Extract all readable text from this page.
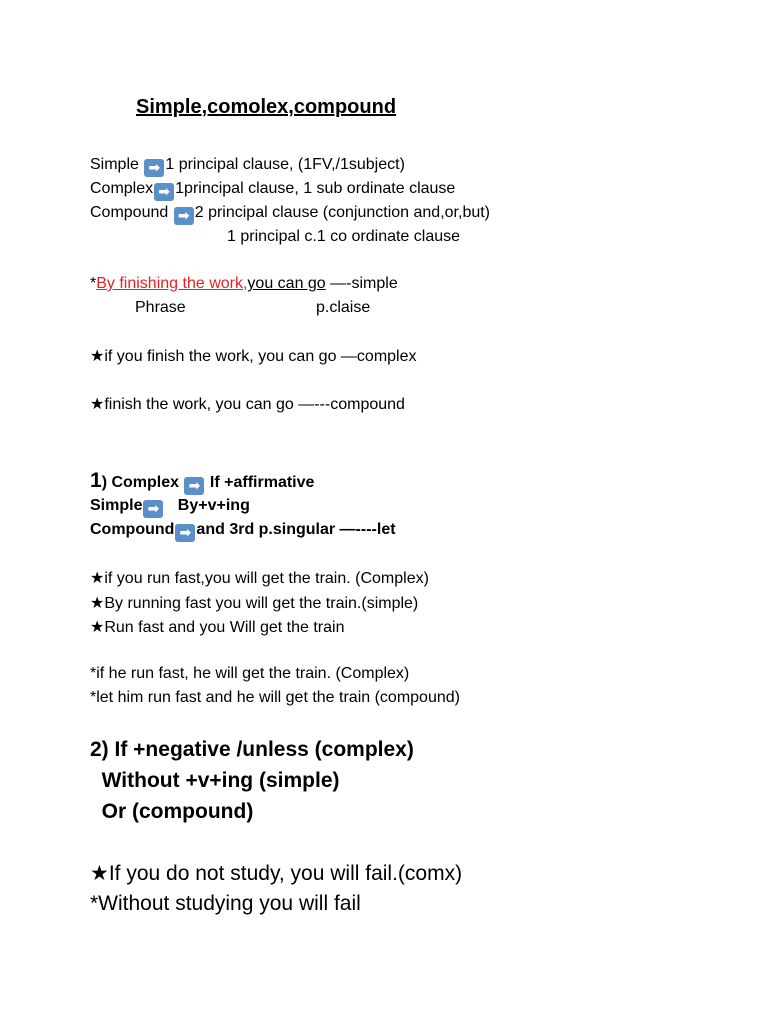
Simple,comolex,compound
Simple ➡ 1 principal clause, (1FV,/1subject)
Complex ➡ 1principal clause, 1 sub ordinate clause
Compound ➡ 2 principal clause (conjunction and,or,but)
1 principal c.1 co ordinate clause
*By finishing the work,you can go —-simple
Phrase	p.claise
★if you finish the work, you can go —complex
★finish the work, you can go —---compound
1) Complex ➡ If +affirmative
Simple ➡   By+v+ing
Compound ➡ and 3rd p.singular —----let
★if you run fast,you will get the train. (Complex)
★By running fast you will get the train.(simple)
★Run fast and you Will get the train
*if he run fast, he will get the train. (Complex)
*let him run fast and he will get the train (compound)
2) If +negative /unless (complex)
Without +v+ing (simple)
Or (compound)
★If you do not study, you will fail.(comx)
*Without studying you will fail
